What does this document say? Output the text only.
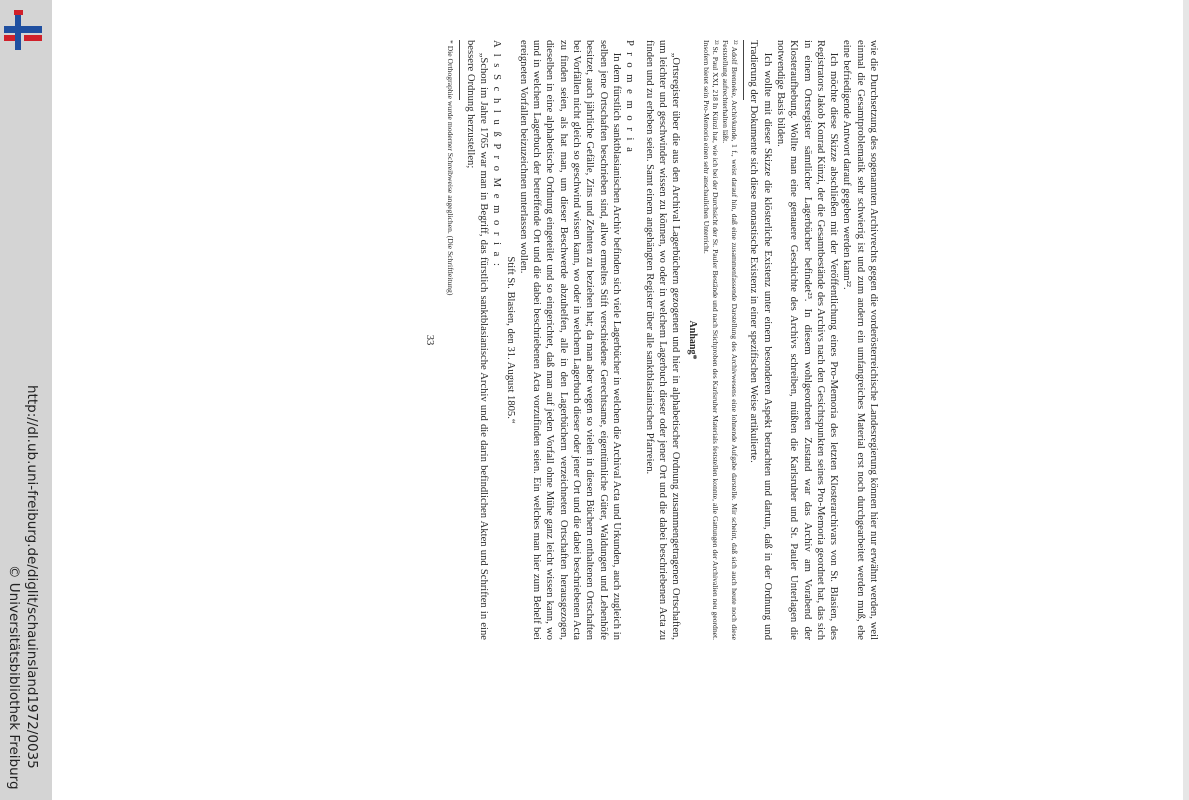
http://dl.ub.uni-freiburg.de/diglit/schauinsland1972/0035
© Universitätsbibliothek Freiburg

wie die Durchsetzung des sogenannten Archivrechts gegen die vorderösterreichische Landesregierung können hier nur erwähnt werden, weil einmal die Gesamtproblematik sehr schwierig ist und zum andern ein umfangreiches Material erst noch durchgearbeitet werden muß, ehe eine befriedigende Antwort darauf gegeben werden kann²².

Ich möchte diese Skizze abschließen mit der Veröffentlichung eines Pro-Memoria des letzten Klosterarchivars von St. Blasien, des Registrators Jakob Konrad Künzi, der die Gesamtbestände des Archivs nach den Gesichtspunkten seines Pro-Memoria geordnet hat, das sich in einem Ortsregister sämtlicher Lagerbücher befindet²³. In diesem wohlgeordneten Zustand war das Archiv am Vorabend der Klosteraufhebung. Wollte man eine genauere Geschichte des Archivs schreiben, müßten die Karlsruher und St. Pauler Unterlagen die notwendige Basis bilden.

Ich wollte mit dieser Skizze die klösterliche Existenz unter einem besonderen Aspekt betrachten und dartun, daß in der Ordnung und Tradierung der Dokumente sich diese monastische Existenz in einer spezifischen Weise artikulierte.

²² Adolf Brenneke, Archivkunde, 1 f., weist darauf hin, daß eine zusammenfassende Darstellung des Archivwesens eine lohnende Aufgabe darstelle. Mir scheint, daß sich auch heute noch diese Feststellung aufrechterhalten läßt.

²³ St. Paul XXI, 218 In Künzi hat, wie ich bei der Durchsicht der St. Pauler Bestände und nach Stichproben des Karlsruher Materials feststellen konnte, alle Gattungen der Archivalien neu geordnet. Insofern bietet sein Pro-Memoria einen sehr anschaulichen Unterricht.

Anhang*

„Ortsregister über die aus den Archival Lagerbüchern gezogenen und hier in alphabetischer Ordnung zusammengetragenen Ortschaften, um leichter und geschwinder wissen zu können, wo oder in welchem Lagerbuch dieser oder jener Ort und die dabei beschriebenen Acta zu finden und zu erheben seien. Samt einem angehängten Register über alle sanktblasianischen Pfarreien.

P r o m e m o r i a

In dem fürstlich sanktblasianischen Archiv befinden sich viele Lagerbücher in welchen die Archival Acta und Urkunden, auch zugleich in selben jene Ortschaften beschrieben sind, allwo ermeltes Stift verschiedene Gerechtsame, eigentümliche Güter, Waldungen und Lehenhöfe besitzet, auch jährliche Gefälle, Zins und Zehnten zu beziehen hat; da man aber wegen so vielen in diesen Büchern enthaltenen Ortschaften bei Vorfällen nicht gleich so geschwind wissen kann, wo oder in welchem Lagerbuch dieser oder jener Ort und die dabei beschriebenen Acta zu finden seien, als hat man, um dieser Beschwerde abzuhelfen, alle in den Lagerbüchern verzeichneten Ortschaften herausgezogen, dieselben in eine alphabetische Ordnung eingeteilet und so eingerichtet, daß man auf jeden Vorfall ohne Mühe ganz leicht wissen kann, wo und in welchem Lagerbuch der betreffende Ort und die dabei beschriebenen Acta vorzufinden seien. Ein welches man hier zum Behelf bei ereigneten Vorfallen beizuzeichnen unterlassen wollen.

Stift St. Blasien, den 31. August 1805.“

A l s S c h l u ß P r o M e m o r i a :

„Schon im Jahre 1765 war man in Begriff, das fürstlich sanktblasianische Archiv und die darin befindlichen Akten und Schriften in eine bessere Ordnung herzustellen;

* Die Orthographie wurde moderner Schreibweise angeglichen. (Die Schriftleitung)

33
